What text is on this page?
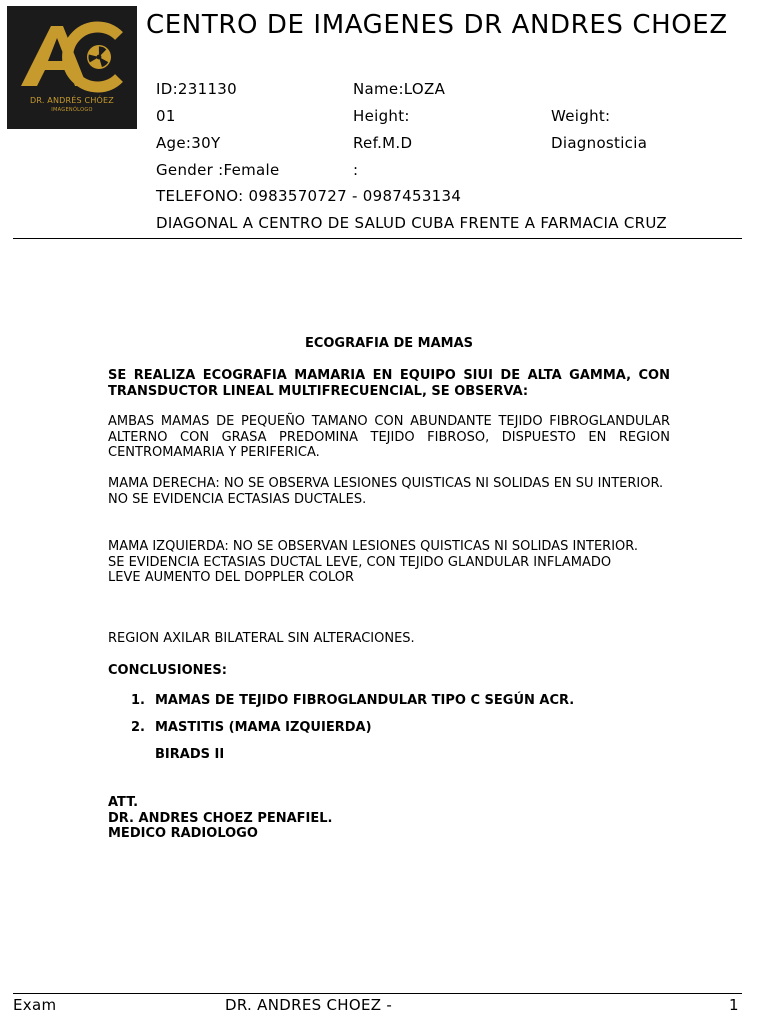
DR. ANDRÉS CHÓEZ
IMAGENÓLOGO
CENTRO DE IMAGENES DR ANDRES CHOEZ
ID:231130	Name:LOZA
01	Height:	Weight:
Age:30Y	Ref.M.D	Diagnosticia
Gender :Female	:
TELEFONO: 0983570727 - 0987453134
DIAGONAL A CENTRO DE SALUD CUBA FRENTE A FARMACIA CRUZ
ECOGRAFIA DE MAMAS
SE REALIZA ECOGRAFIA MAMARIA EN EQUIPO SIUI DE ALTA GAMMA, CON TRANSDUCTOR LINEAL MULTIFRECUENCIAL, SE OBSERVA:
AMBAS MAMAS DE PEQUEÑO TAMANO CON ABUNDANTE TEJIDO FIBROGLANDULAR ALTERNO CON GRASA PREDOMINA TEJIDO FIBROSO, DISPUESTO EN REGION CENTROMAMARIA Y PERIFERICA.
MAMA DERECHA: NO SE OBSERVA LESIONES QUISTICAS NI SOLIDAS EN SU INTERIOR.
NO SE EVIDENCIA ECTASIAS DUCTALES.
MAMA IZQUIERDA: NO SE OBSERVAN LESIONES QUISTICAS NI SOLIDAS INTERIOR.
SE EVIDENCIA ECTASIAS DUCTAL LEVE, CON TEJIDO GLANDULAR INFLAMADO
LEVE AUMENTO DEL DOPPLER COLOR
REGION AXILAR BILATERAL SIN ALTERACIONES.
CONCLUSIONES:
1. MAMAS DE TEJIDO FIBROGLANDULAR TIPO C SEGÚN ACR.
2. MASTITIS (MAMA IZQUIERDA)
BIRADS II
ATT.
DR. ANDRES CHOEZ PENAFIEL.
MEDICO RADIOLOGO
Exam	DR. ANDRES CHOEZ -	1
